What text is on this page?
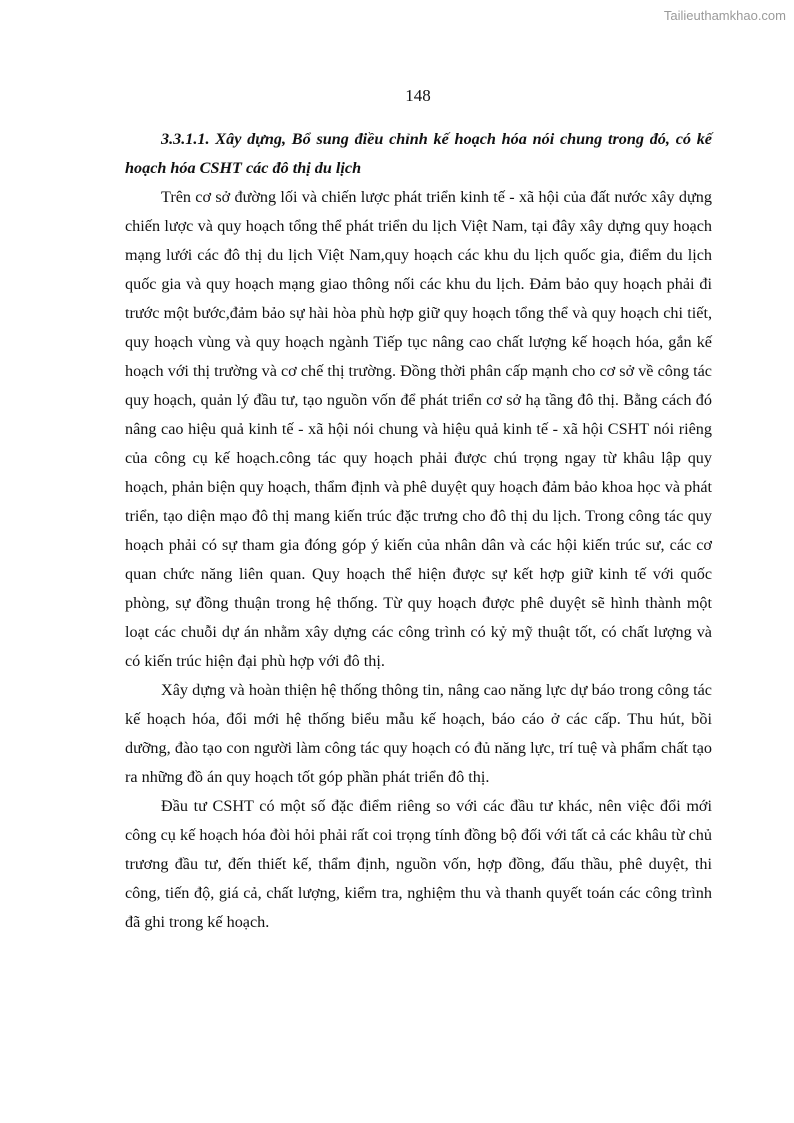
Tailieuthamkhao.com
148

3.3.1.1. Xây dựng, Bổ sung điều chỉnh kế hoạch hóa nói chung trong đó, có kế hoạch hóa CSHT các đô thị du lịch

Trên cơ sở đường lối và chiến lược phát triển kinh tế - xã hội của đất nước xây dựng chiến lược và quy hoạch tổng thể phát triển du lịch Việt Nam, tại đây xây dựng quy hoạch mạng lưới các đô thị du lịch Việt Nam,quy hoạch các khu du lịch quốc gia, điểm du lịch quốc gia và quy hoạch mạng giao thông nối các khu du lịch. Đảm bảo quy hoạch phải đi trước một bước,đảm bảo sự hài hòa phù hợp giữ quy hoạch tổng thể và quy hoạch chi tiết, quy hoạch vùng và quy hoạch ngành Tiếp tục nâng cao chất lượng kế hoạch hóa, gắn kế hoạch với thị trường và cơ chế thị trường. Đồng thời phân cấp mạnh cho cơ sở về công tác quy hoạch, quản lý đầu tư, tạo nguồn vốn để phát triển cơ sở hạ tầng đô thị. Bằng cách đó nâng cao hiệu quả kinh tế - xã hội nói chung và hiệu quả kinh tế - xã hội CSHT nói riêng của công cụ kế hoạch.công tác quy hoạch phải được chú trọng ngay từ khâu lập quy hoạch, phản biện quy hoạch, thẩm định và phê duyệt quy hoạch đảm bảo khoa học và phát triển, tạo diện mạo đô thị mang kiến trúc đặc trưng cho đô thị du lịch. Trong công tác quy hoạch phải có sự tham gia đóng góp ý kiến của nhân dân và các hội kiến trúc sư, các cơ quan chức năng liên quan. Quy hoạch thể hiện được sự kết hợp giữ kinh tế với quốc phòng, sự đồng thuận trong hệ thống. Từ quy hoạch được phê duyệt sẽ hình thành một loạt các chuỗi dự án nhằm xây dựng các công trình có kỷ mỹ thuật tốt, có chất lượng và có kiến trúc hiện đại phù hợp với đô thị.

Xây dựng và hoàn thiện hệ thống thông tin, nâng cao năng lực dự báo trong công tác kế hoạch hóa, đổi mới hệ thống biểu mẫu kế hoạch, báo cáo ở các cấp. Thu hút, bồi dưỡng, đào tạo con người làm công tác quy hoạch có đủ năng lực, trí tuệ và phẩm chất tạo ra những đồ án quy hoạch tốt góp phần phát triển đô thị.

Đầu tư CSHT có một số đặc điểm riêng so với các đầu tư khác, nên việc đổi mới công cụ kế hoạch hóa đòi hỏi phải rất coi trọng tính đồng bộ đối với tất cả các khâu từ chủ trương đầu tư, đến thiết kế, thẩm định, nguồn vốn, hợp đồng, đấu thầu, phê duyệt, thi công, tiến độ, giá cả, chất lượng, kiểm tra, nghiệm thu và thanh quyết toán các công trình đã ghi trong kế hoạch.
